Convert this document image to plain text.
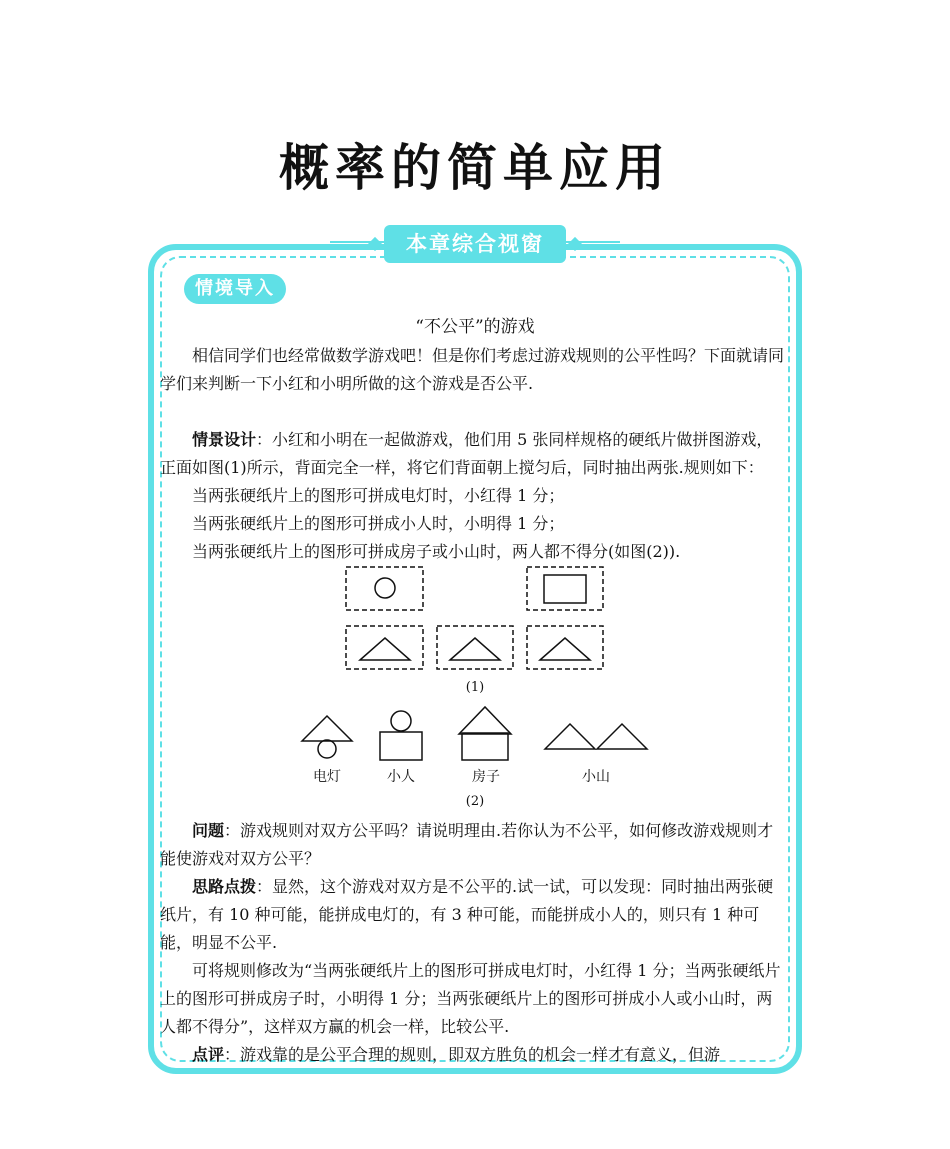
概率的简单应用
本章综合视窗
情境导入
“不公平”的游戏
相信同学们也经常做数学游戏吧！但是你们考虑过游戏规则的公平性吗？下面就请同学们来判断一下小红和小明所做的这个游戏是否公平.
情景设计：小红和小明在一起做游戏，他们用 5 张同样规格的硬纸片做拼图游戏，正面如图(1)所示，背面完全一样，将它们背面朝上搅匀后，同时抽出两张.规则如下：
当两张硬纸片上的图形可拼成电灯时，小红得 1 分；
当两张硬纸片上的图形可拼成小人时，小明得 1 分；
当两张硬纸片上的图形可拼成房子或小山时，两人都不得分(如图(2)).
(1)
电灯	小人	房子	小山
(2)
问题：游戏规则对双方公平吗？请说明理由.若你认为不公平，如何修改游戏规则才能使游戏对双方公平？
思路点拨：显然，这个游戏对双方是不公平的.试一试，可以发现：同时抽出两张硬纸片，有 10 种可能，能拼成电灯的，有 3 种可能，而能拼成小人的，则只有 1 种可能，明显不公平.
可将规则修改为“当两张硬纸片上的图形可拼成电灯时，小红得 1 分；当两张硬纸片上的图形可拼成房子时，小明得 1 分；当两张硬纸片上的图形可拼成小人或小山时，两人都不得分”，这样双方赢的机会一样，比较公平.
点评：游戏靠的是公平合理的规则，即双方胜负的机会一样才有意义，但游
